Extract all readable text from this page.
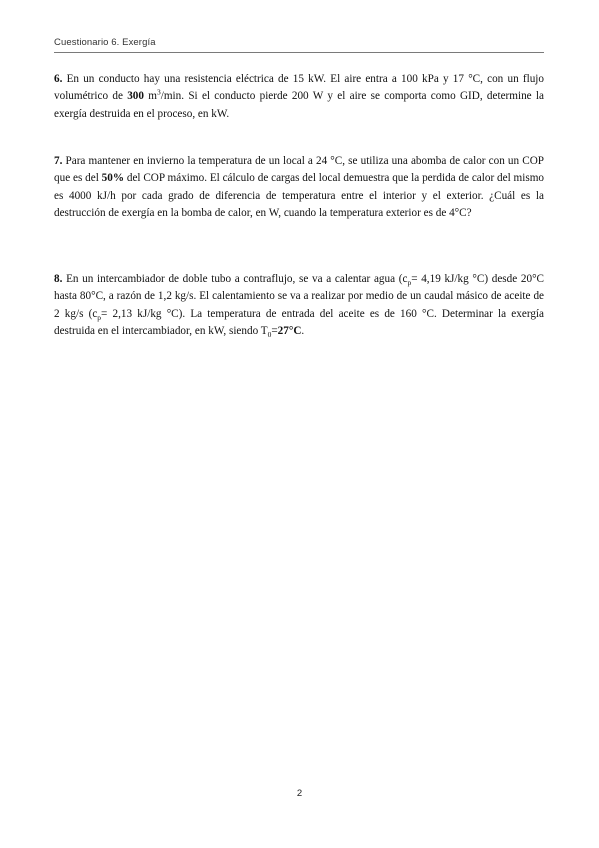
Cuestionario 6. Exergía

6. En un conducto hay una resistencia eléctrica de 15 kW. El aire entra a 100 kPa y 17 °C, con un flujo volumétrico de 300 $m^3/\min$. Si el conducto pierde 200 W y el aire se comporta como GID, determine la exergía destruida en el proceso, en kW.

7. Para mantener en invierno la temperatura de un local a 24 °C, se utiliza una abomba de calor con un COP que es del 50% del COP máximo. El cálculo de cargas del local demuestra que la perdida de calor del mismo es 4000 kJ/h por cada grado de diferencia de temperatura entre el interior y el exterior. ¿Cuál es la destrucción de exergía en la bomba de calor, en W, cuando la temperatura exterior es de 4°C?

8. En un intercambiador de doble tubo a contraflujo, se va a calentar agua ($c_p= 4,19$ kJ/kg °C) desde 20°C hasta 80°C, a razón de 1,2 kg/s. El calentamiento se va a realizar por medio de un caudal másico de aceite de 2 kg/s ($c_p= 2,13$ kJ/kg °C). La temperatura de entrada del aceite es de 160 °C. Determinar la exergía destruida en el intercambiador, en kW, siendo $T_0=27^\circ C$.

2
